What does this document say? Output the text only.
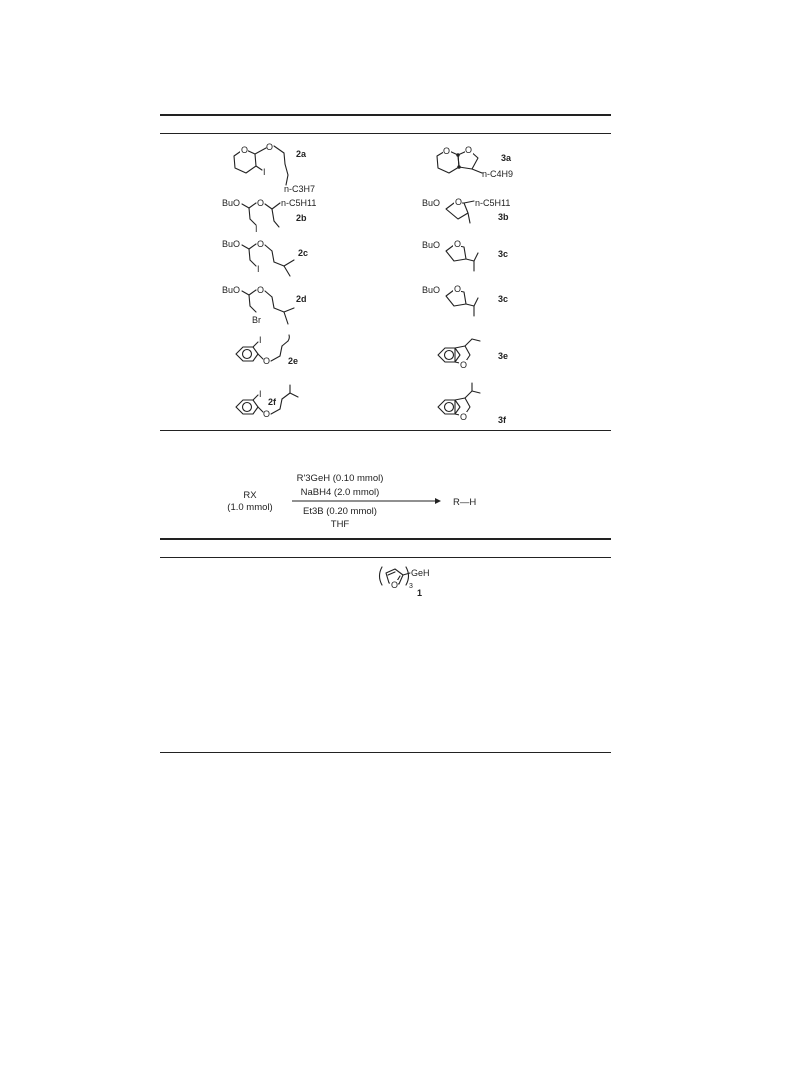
O O
I
n-C3H7
2a
BuO
I
O n-C5H11
2b
BuO
I
O
2c
BuO
Br
O
2d
I
O 2e
I
O
2f
O O
n-C4H9
3a
BuO O n-C5H11
3b
BuO O
3c
BuO O
3c
O
3e
O	3f
R'3GeH (0.10 mmol)
NaBH4 (2.0 mmol)
Et3B (0.20 mmol)
THF
RX
(1.0 mmol)	R—H
O 3
GeH
1
